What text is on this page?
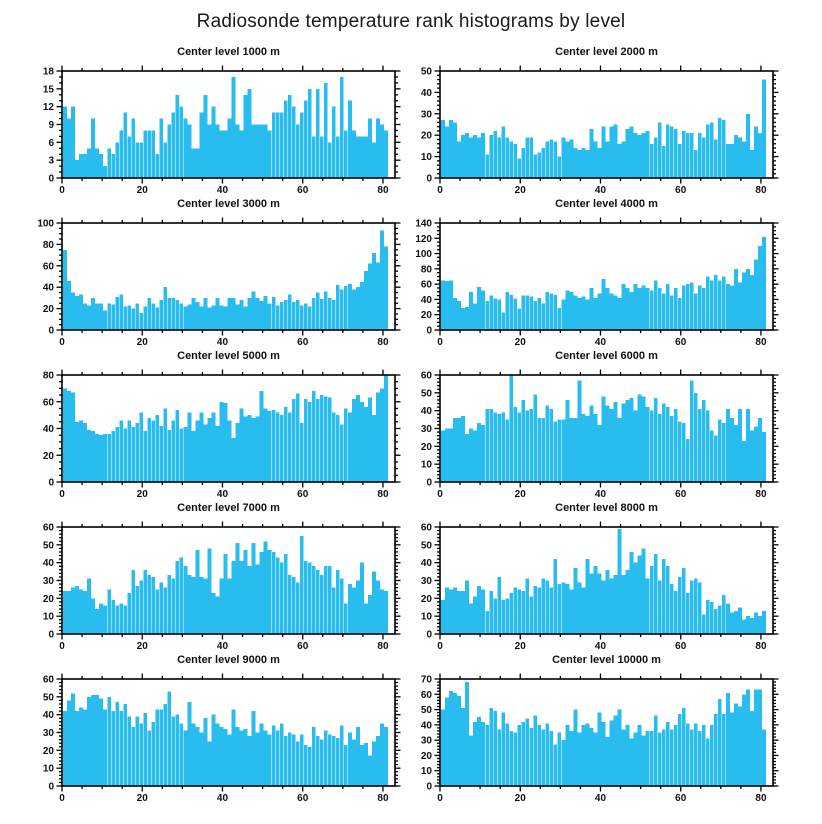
Radiosonde temperature rank histograms by level
Center level 1000 m
0
3
6
9
12
15
18
0	20	40	60	80
Center level 2000 m
0
10
20
30
40
50
0	20	40	60	80
Center level 3000 m
0
20
40
60
80
100
0	20	40	60	80
Center level 4000 m
0
20
40
60
80
100
120
140
0	20	40	60	80
Center level 5000 m
0
20
40
60
80
0	20	40	60	80
Center level 6000 m
0
10
20
30
40
50
60
0	20	40	60	80
Center level 7000 m
0
10
20
30
40
50
60
0	20	40	60	80
Center level 8000 m
0
10
20
30
40
50
60
0	20	40	60	80
Center level 9000 m
0
10
20
30
40
50
60
0	20	40	60	80
Center level 10000 m
0
10
20
30
40
50
60
70
0	20	40	60	80
